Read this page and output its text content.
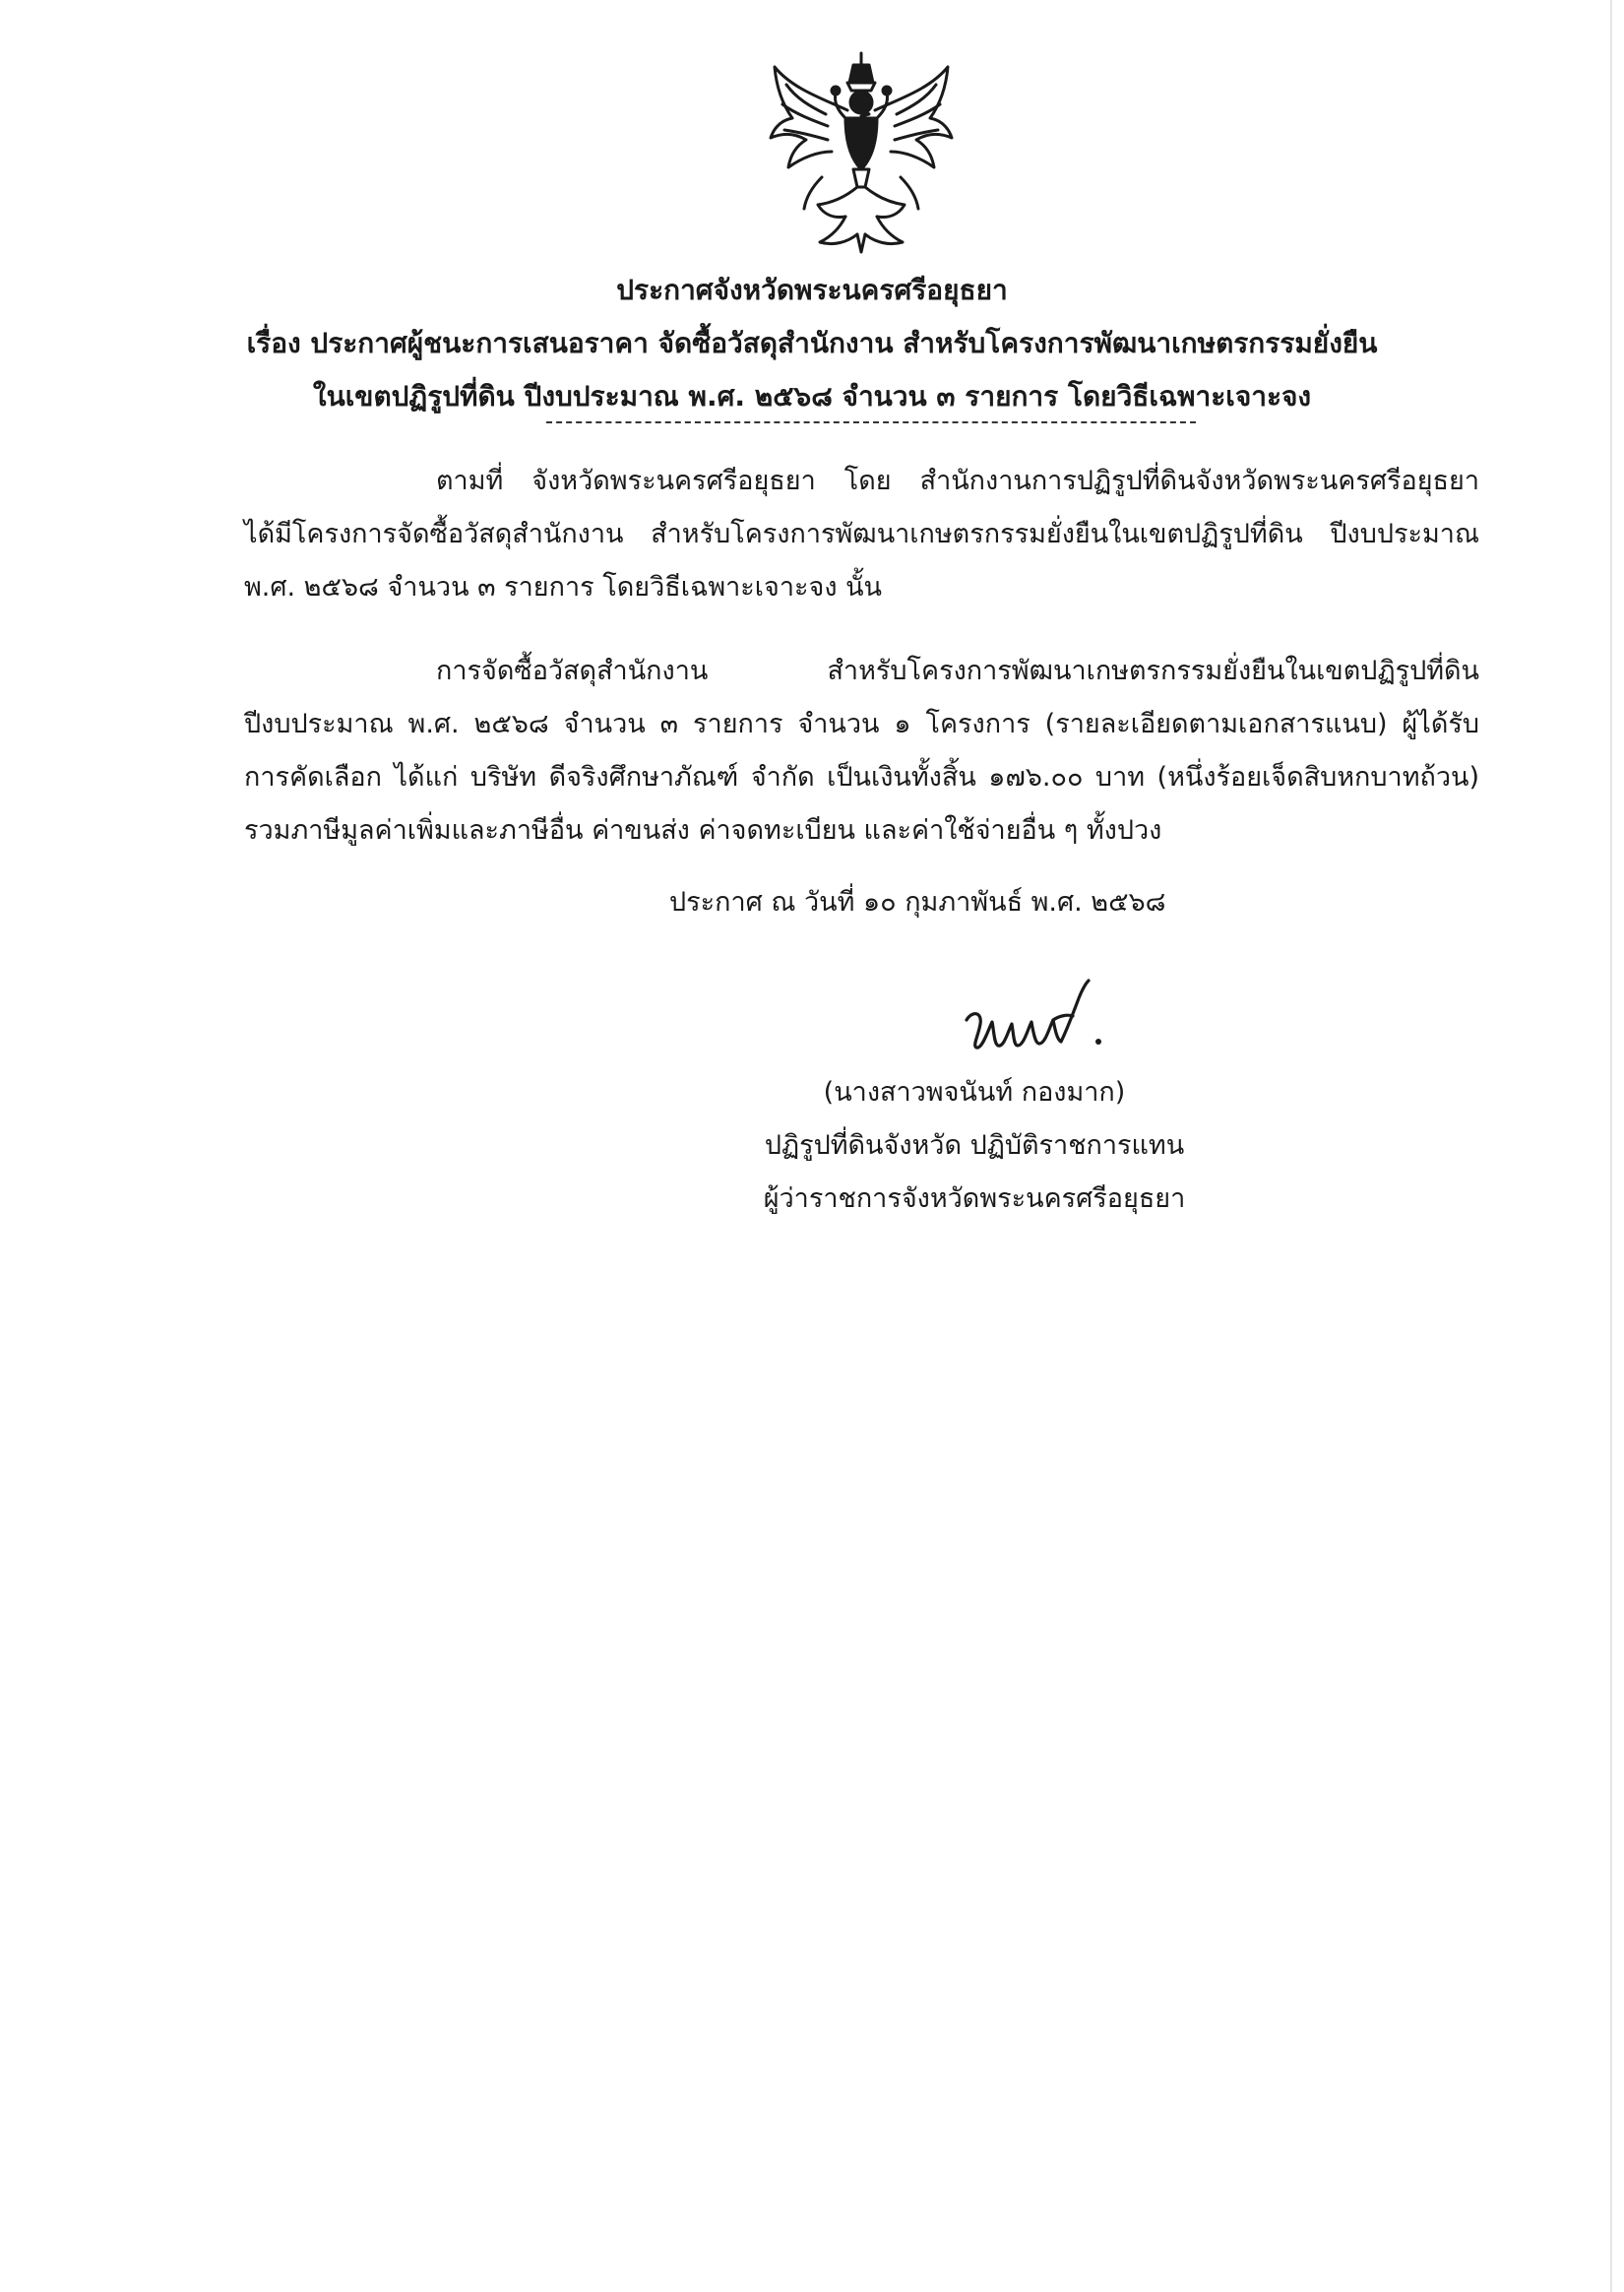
ประกาศจังหวัดพระนครศรีอยุธยา
เรื่อง ประกาศผู้ชนะการเสนอราคา จัดซื้อวัสดุสำนักงาน สำหรับโครงการพัฒนาเกษตรกรรมยั่งยืน
ในเขตปฏิรูปที่ดิน ปีงบประมาณ พ.ศ. ๒๕๖๘ จำนวน ๓ รายการ โดยวิธีเฉพาะเจาะจง
ตามที่ จังหวัดพระนครศรีอยุธยา โดย สำนักงานการปฏิรูปที่ดินจังหวัดพระนครศรีอยุธยา
ได้มีโครงการจัดซื้อวัสดุสำนักงาน สำหรับโครงการพัฒนาเกษตรกรรมยั่งยืนในเขตปฏิรูปที่ดิน ปีงบประมาณ
พ.ศ. ๒๕๖๘ จำนวน ๓ รายการ โดยวิธีเฉพาะเจาะจง นั้น
การจัดซื้อวัสดุสำนักงาน สำหรับโครงการพัฒนาเกษตรกรรมยั่งยืนในเขตปฏิรูปที่ดิน
ปีงบประมาณ พ.ศ. ๒๕๖๘ จำนวน ๓ รายการ จำนวน ๑ โครงการ (รายละเอียดตามเอกสารแนบ) ผู้ได้รับ
การคัดเลือก ได้แก่ บริษัท ดีจริงศึกษาภัณฑ์ จำกัด เป็นเงินทั้งสิ้น ๑๗๖.๐๐ บาท (หนึ่งร้อยเจ็ดสิบหกบาทถ้วน)
รวมภาษีมูลค่าเพิ่มและภาษีอื่น ค่าขนส่ง ค่าจดทะเบียน และค่าใช้จ่ายอื่น ๆ ทั้งปวง
ประกาศ ณ วันที่ ๑๐ กุมภาพันธ์ พ.ศ. ๒๕๖๘
(นางสาวพจนันท์ กองมาก)
ปฏิรูปที่ดินจังหวัด ปฏิบัติราชการแทน
ผู้ว่าราชการจังหวัดพระนครศรีอยุธยา
